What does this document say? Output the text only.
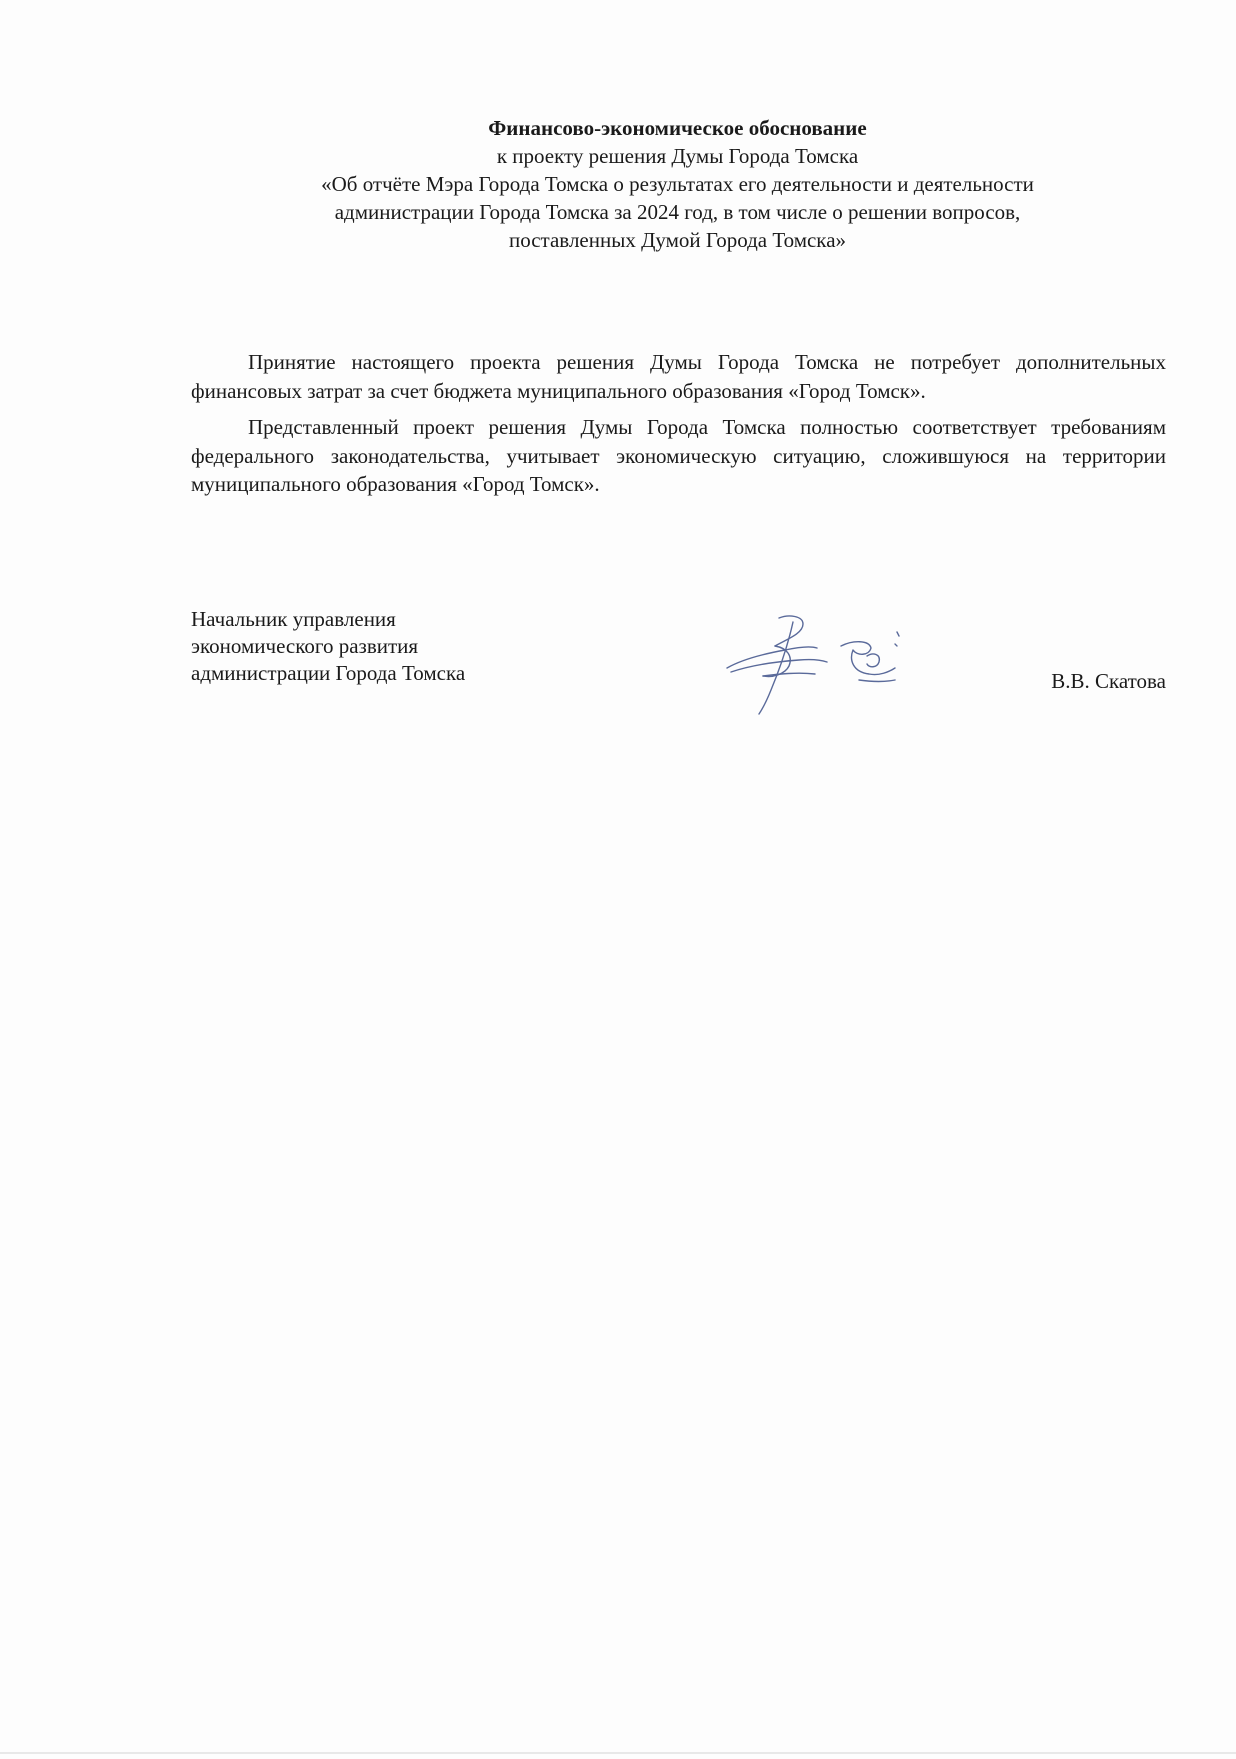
Финансово-экономическое обоснование
к проекту решения Думы Города Томска
«Об отчёте Мэра Города Томска о результатах его деятельности и деятельности
администрации Города Томска за 2024 год, в том числе о решении вопросов,
поставленных Думой Города Томска»

Принятие настоящего проекта решения Думы Города Томска не потребует дополнительных финансовых затрат за счет бюджета муниципального образования «Город Томск».

Представленный проект решения Думы Города Томска полностью соответствует требованиям федерального законодательства, учитывает экономическую ситуацию, сложившуюся на территории муниципального образования «Город Томск».

Начальник управления
экономического развития
администрации Города Томска	В.В. Скатова
